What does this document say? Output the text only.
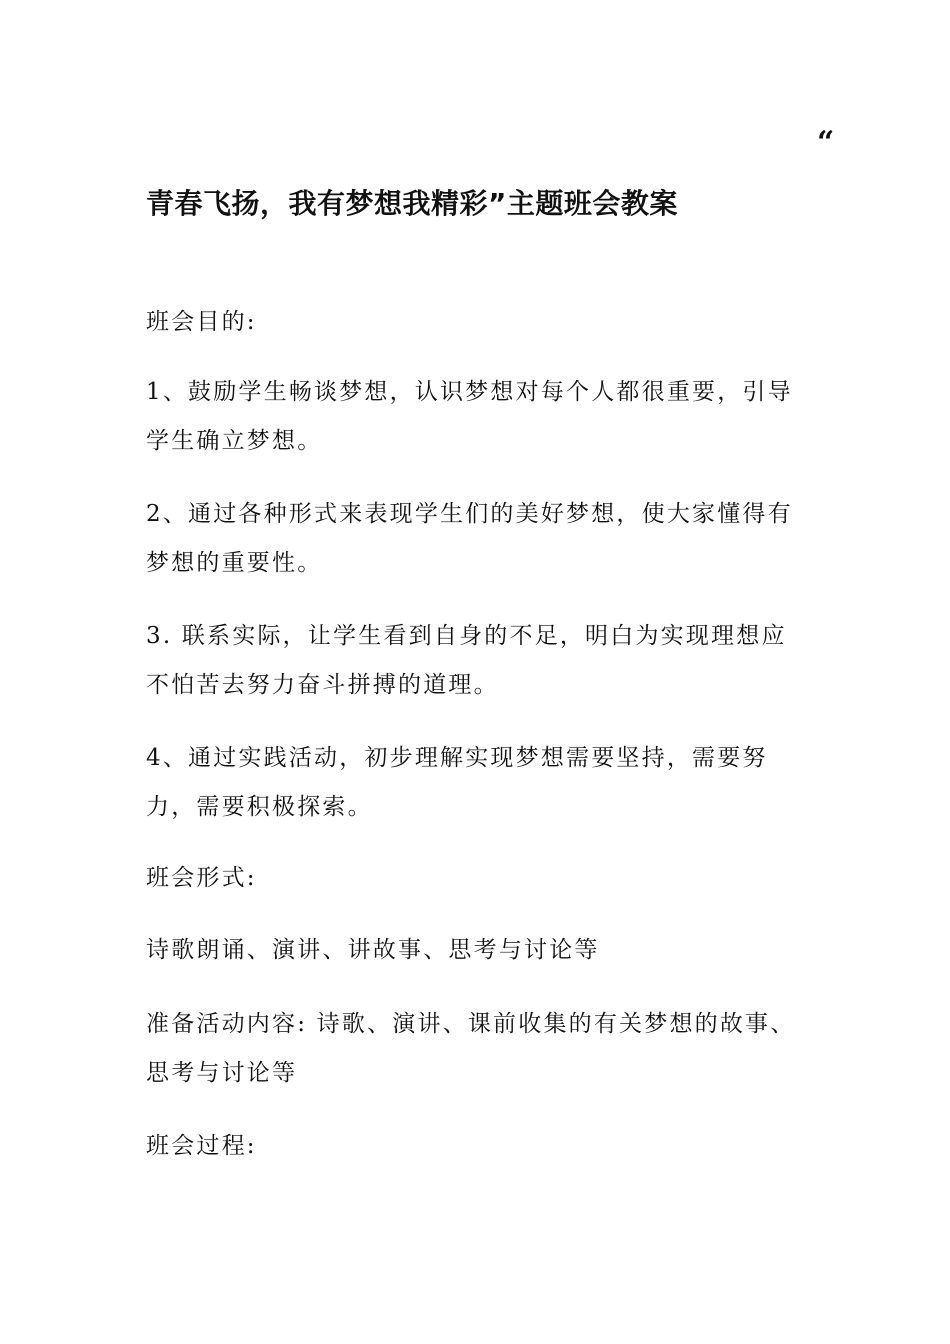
“
青春飞扬，我有梦想我精彩”主题班会教案
班会目的:
1、鼓励学生畅谈梦想，认识梦想对每个人都很重要，引导学生确立梦想。
2、通过各种形式来表现学生们的美好梦想，使大家懂得有梦想的重要性。
3. 联系实际，让学生看到自身的不足，明白为实现理想应不怕苦去努力奋斗拼搏的道理。
4、通过实践活动，初步理解实现梦想需要坚持，需要努力，需要积极探索。
班会形式:
诗歌朗诵、演讲、讲故事、思考与讨论等
准备活动内容: 诗歌、演讲、课前收集的有关梦想的故事、思考与讨论等
班会过程:
